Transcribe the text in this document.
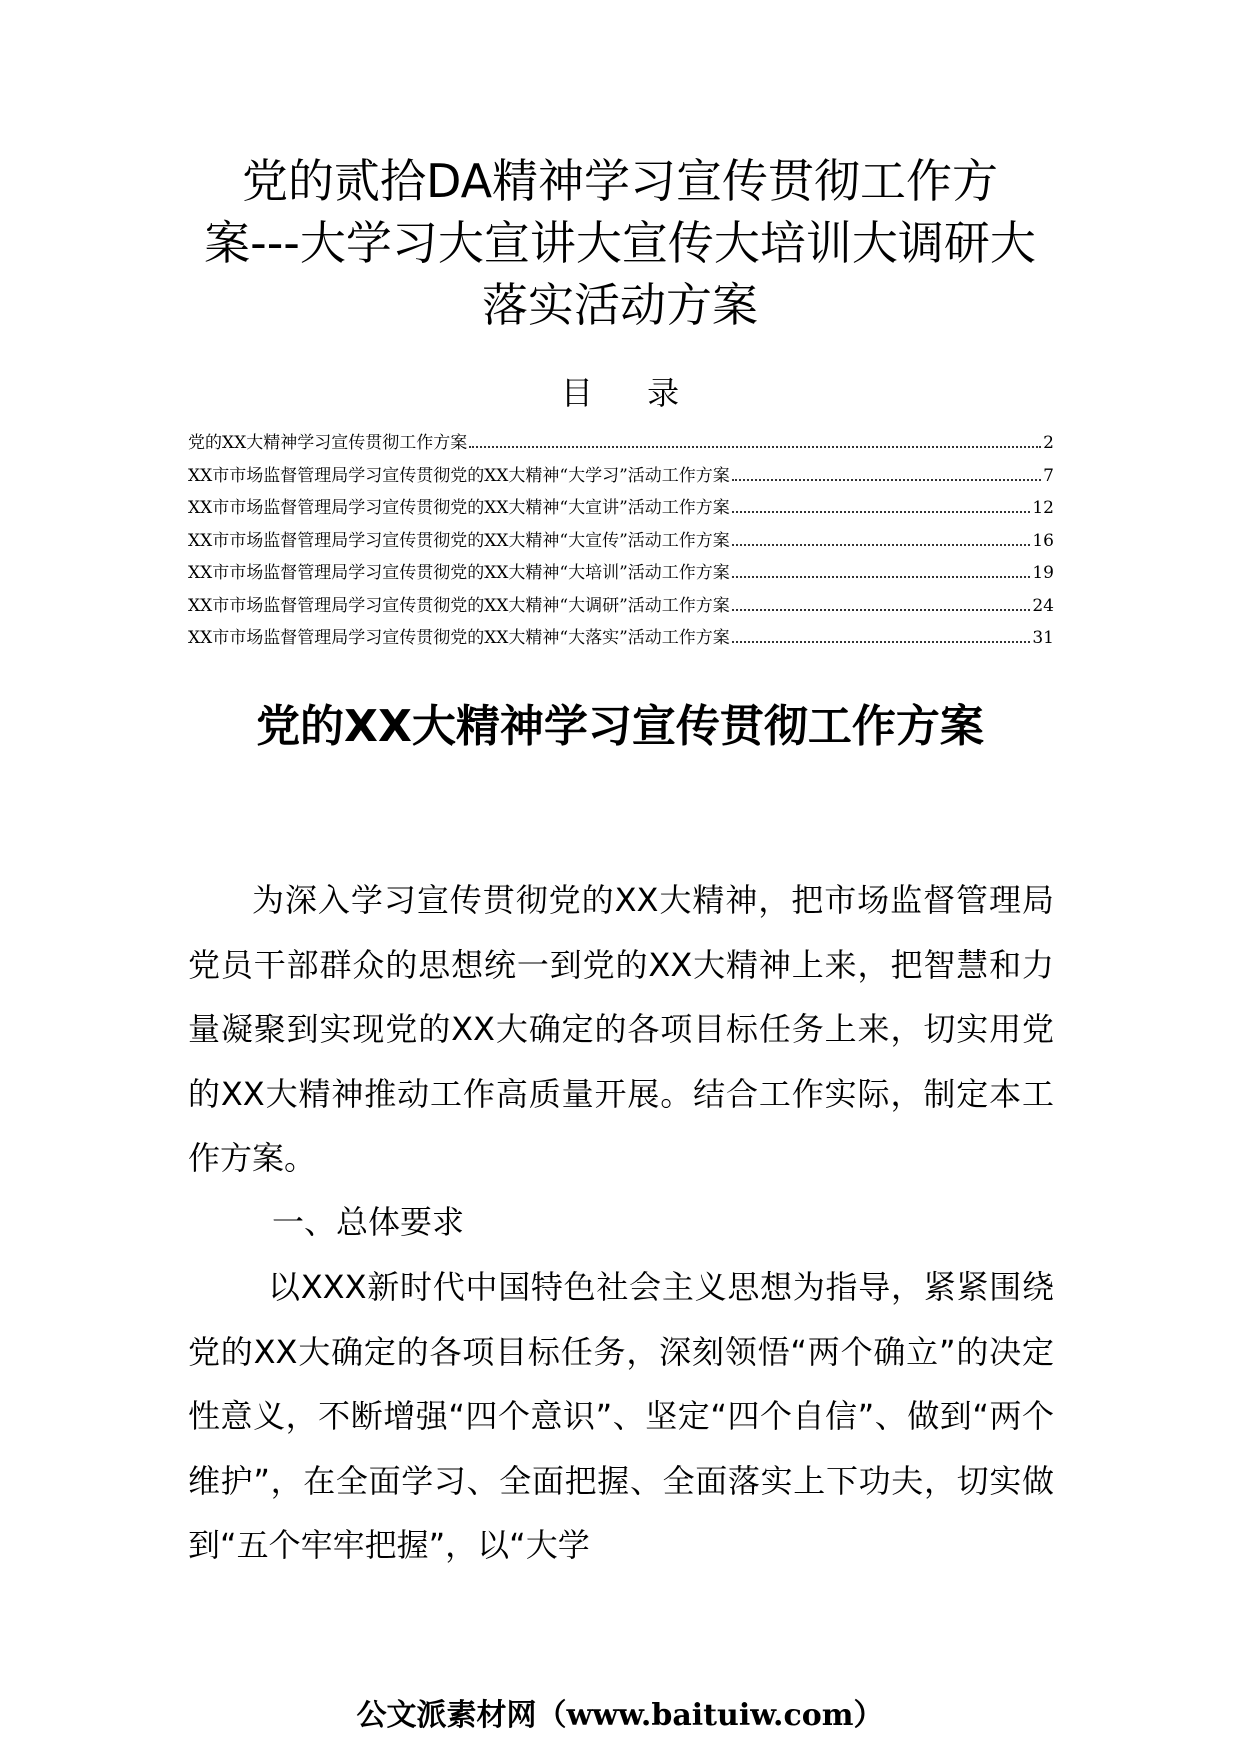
党的贰拾DA精神学习宣传贯彻工作方
案---大学习大宣讲大宣传大培训大调研大
落实活动方案
目 录
党的XX大精神学习宣传贯彻工作方案	2
XX市市场监督管理局学习宣传贯彻党的XX大精神“大学习”活动工作方案	7
XX市市场监督管理局学习宣传贯彻党的XX大精神“大宣讲”活动工作方案	12
XX市市场监督管理局学习宣传贯彻党的XX大精神“大宣传”活动工作方案	16
XX市市场监督管理局学习宣传贯彻党的XX大精神“大培训”活动工作方案	19
XX市市场监督管理局学习宣传贯彻党的XX大精神“大调研”活动工作方案	24
XX市市场监督管理局学习宣传贯彻党的XX大精神“大落实”活动工作方案	31
党的XX大精神学习宣传贯彻工作方案
为深入学习宣传贯彻党的XX大精神，把市场监督管理局党员干部群众的思想统一到党的XX大精神上来，把智慧和力量凝聚到实现党的XX大确定的各项目标任务上来，切实用党的XX大精神推动工作高质量开展。结合工作实际，制定本工作方案。
一、总体要求
以XXX新时代中国特色社会主义思想为指导，紧紧围绕党的XX大确定的各项目标任务，深刻领悟“两个确立”的决定性意义，不断增强“四个意识”、坚定“四个自信”、做到“两个维护”，在全面学习、全面把握、全面落实上下功夫，切实做到“五个牢牢把握”，以“大学
公文派素材网（www.baituiw.com）
